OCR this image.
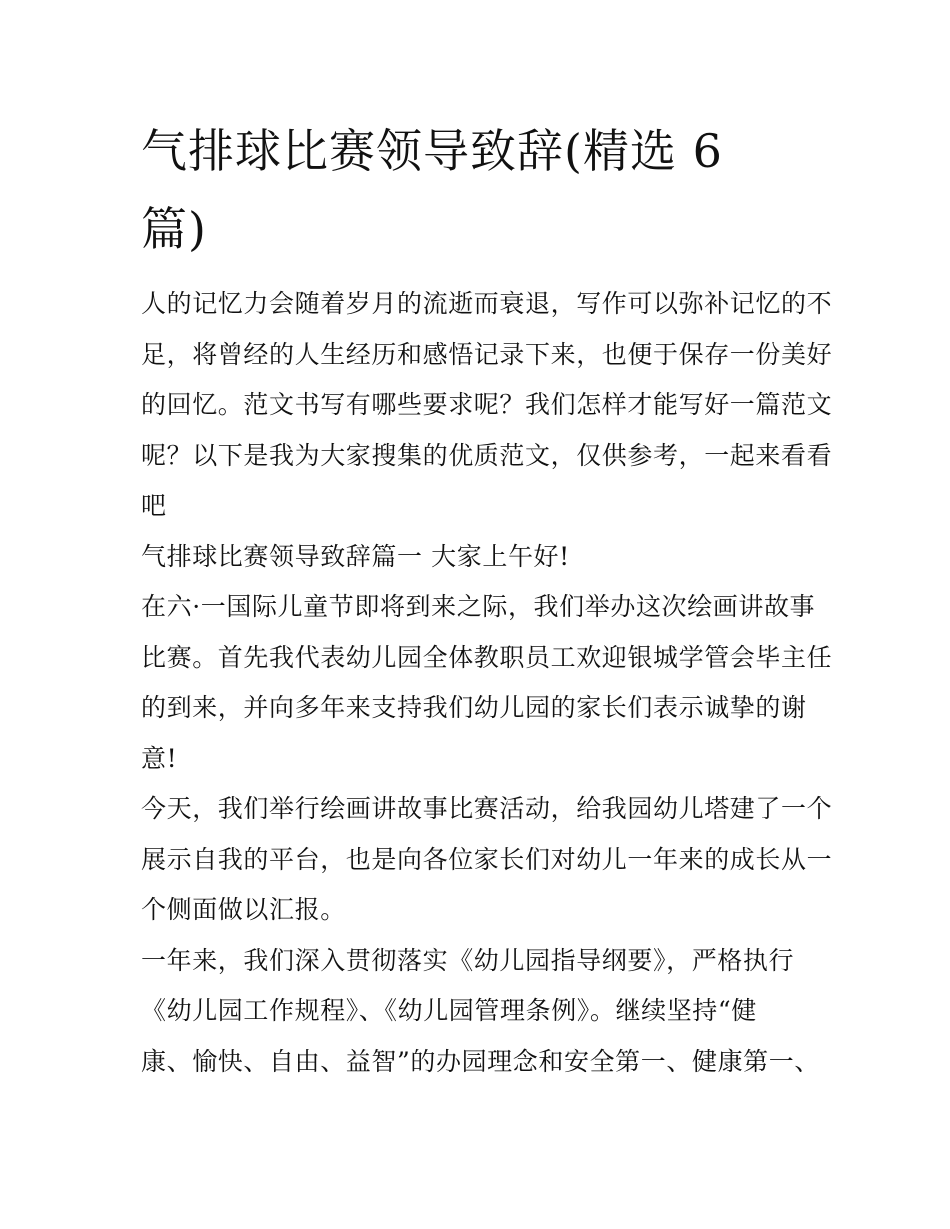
气排球比赛领导致辞(精选 6
篇)
人的记忆力会随着岁月的流逝而衰退，写作可以弥补记忆的不
足，将曾经的人生经历和感悟记录下来，也便于保存一份美好
的回忆。范文书写有哪些要求呢？我们怎样才能写好一篇范文
呢？以下是我为大家搜集的优质范文，仅供参考，一起来看看
吧
气排球比赛领导致辞篇一 大家上午好!
在六·一国际儿童节即将到来之际，我们举办这次绘画讲故事
比赛。首先我代表幼儿园全体教职员工欢迎银城学管会毕主任
的到来，并向多年来支持我们幼儿园的家长们表示诚挚的谢
意!
今天，我们举行绘画讲故事比赛活动，给我园幼儿塔建了一个
展示自我的平台，也是向各位家长们对幼儿一年来的成长从一
个侧面做以汇报。
一年来，我们深入贯彻落实《幼儿园指导纲要》，严格执行
《幼儿园工作规程》、《幼儿园管理条例》。继续坚持“健
康、愉快、自由、益智”的办园理念和安全第一、健康第一、
